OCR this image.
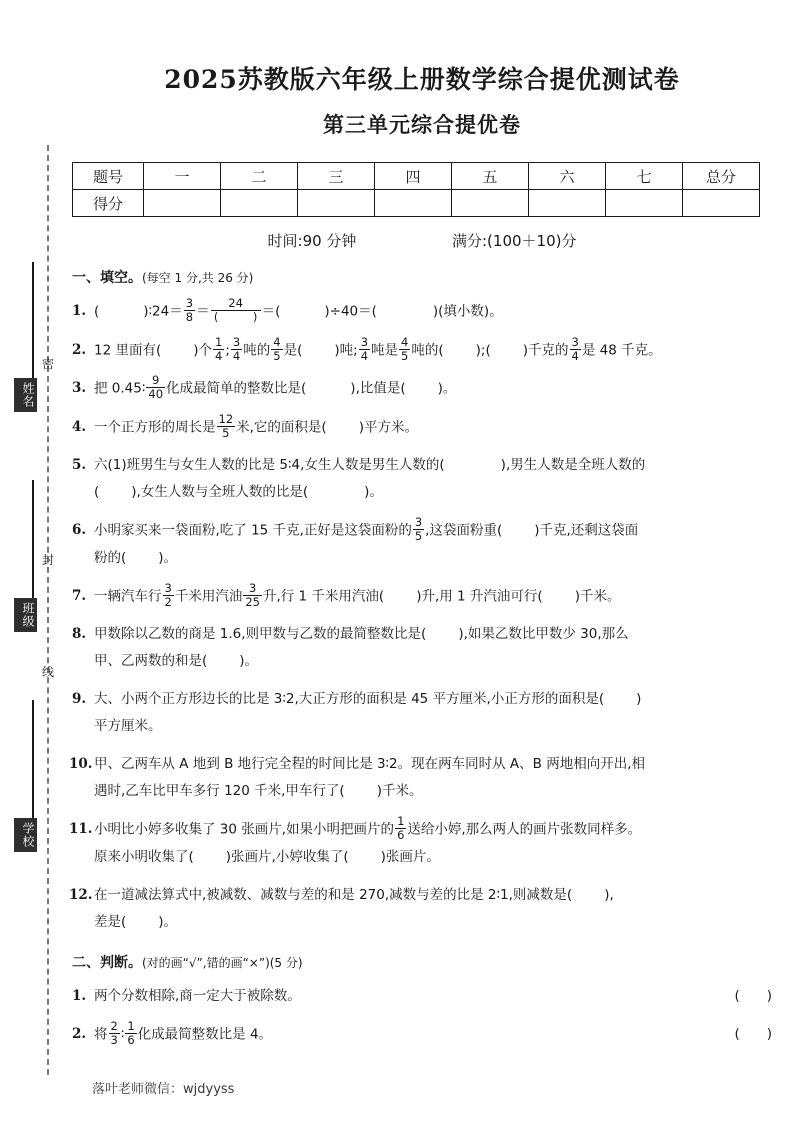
密
封
线
姓名
班级
学校
2025苏教版六年级上册数学综合提优测试卷
第三单元综合提优卷
题号	一	二	三	四	五	六	七	总分
得分								
时间:90 分钟	满分:(100＋10)分
一、填空。(每空 1 分,共 26 分)
1. (	)∶24＝ $\frac{3}{8} = \frac{24}{( )}$ ＝(	)÷40＝(	)(填小数)。
2. 12 里面有( )个 $\frac{1}{4}$ ; $\frac{3}{4}$ 吨的 $\frac{4}{5}$ 是( )吨; $\frac{3}{4}$ 吨是 $\frac{4}{5}$ 吨的( );( )千克的 $\frac{3}{4}$ 是 48 千克。
3. 把 0.45∶ $\frac{9}{40}$ 化成最简单的整数比是(	),比值是( )。
4. 一个正方形的周长是 $\frac{12}{5}$ 米,它的面积是( )平方米。
5. 六(1)班男生与女生人数的比是 5∶4,女生人数是男生人数的(	),男生人数是全班人数的
( ),女生人数与全班人数的比是(	)。
6. 小明家买来一袋面粉,吃了 15 千克,正好是这袋面粉的 $\frac{3}{5}$ ,这袋面粉重( )千克,还剩这袋面
粉的( )。
7. 一辆汽车行 $\frac{3}{2}$ 千米用汽油 $\frac{3}{25}$ 升,行 1 千米用汽油( )升,用 1 升汽油可行( )千米。
8. 甲数除以乙数的商是 1.6,则甲数与乙数的最简整数比是( ),如果乙数比甲数少 30,那么
甲、乙两数的和是( )。
9. 大、小两个正方形边长的比是 3∶2,大正方形的面积是 45 平方厘米,小正方形的面积是( )
平方厘米。
10. 甲、乙两车从 A 地到 B 地行完全程的时间比是 3∶2。现在两车同时从 A、B 两地相向开出,相
遇时,乙车比甲车多行 120 千米,甲车行了( )千米。
11. 小明比小婷多收集了 30 张画片,如果小明把画片的 $\frac{1}{6}$ 送给小婷,那么两人的画片张数同样多。
原来小明收集了( )张画片,小婷收集了( )张画片。
12. 在一道减法算式中,被减数、减数与差的和是 270,减数与差的比是 2∶1,则减数是( ),
差是( )。
二、判断。(对的画“√”,错的画“×”)(5 分)
1.	(　　)
两个分数相除,商一定大于被除数。
2.	(　　)
将 $\frac{2}{3}$ ∶ $\frac{1}{6}$ 化成最简整数比是 4。
落叶老师微信：wjdyyss
